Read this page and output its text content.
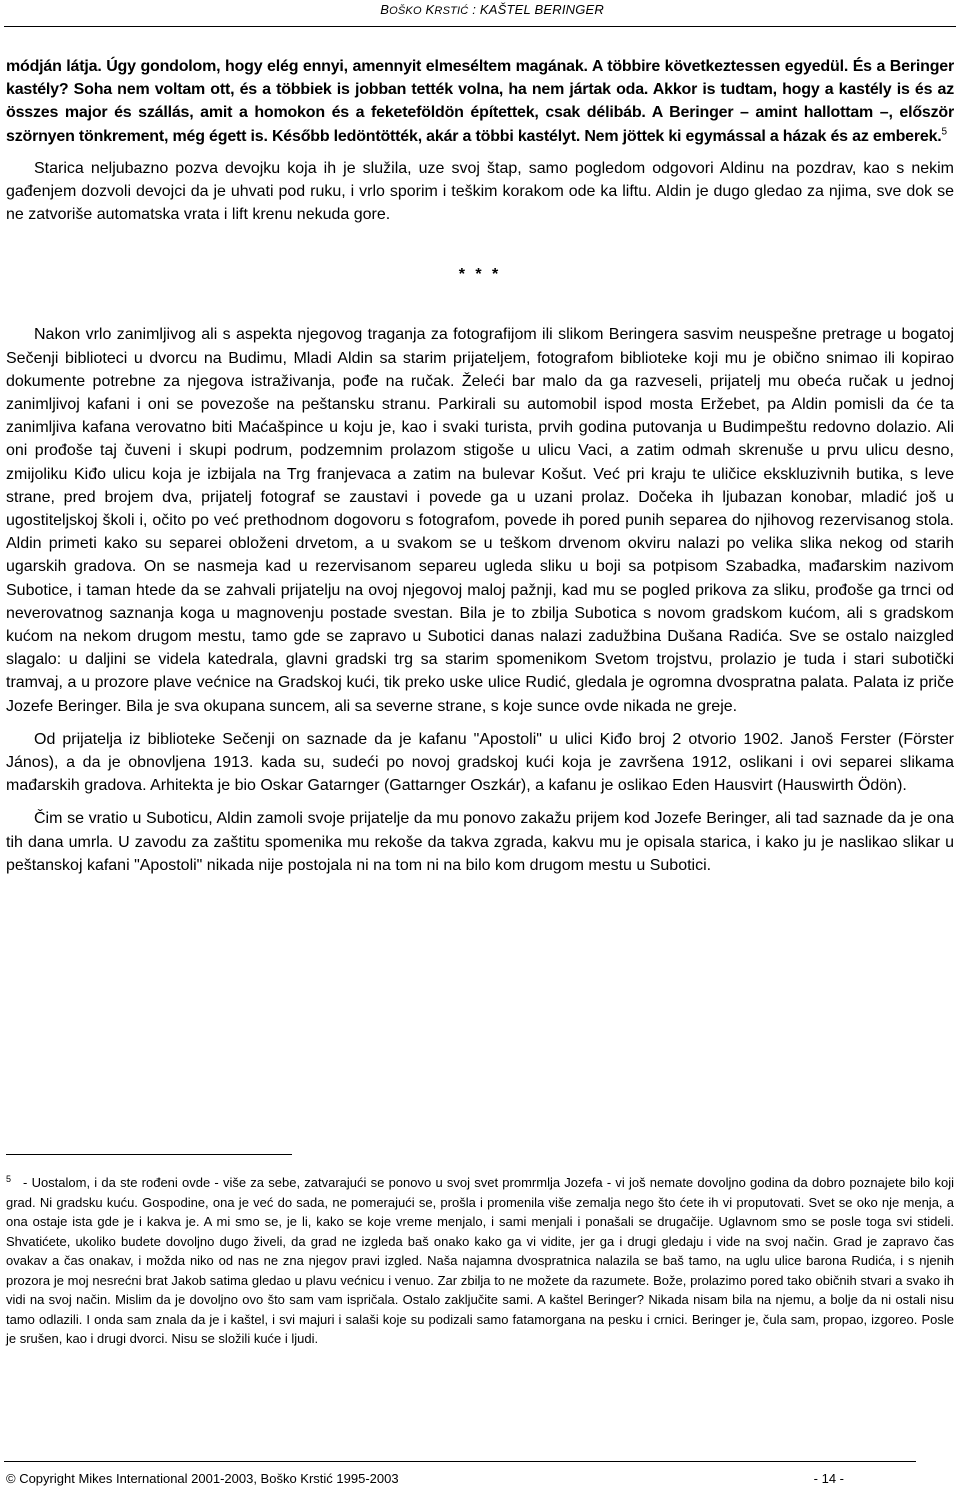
BOŠKO KRSTIĆ : KAŠTEL BERINGER

módján látja. Úgy gondolom, hogy elég ennyi, amennyit elmeséltem magának. A többire következtessen egyedül. És a Beringer kastély? Soha nem voltam ott, és a többiek is jobban tették volna, ha nem jártak oda. Akkor is tudtam, hogy a kastély is és az összes major és szállás, amit a homokon és a feketeföldön építettek, csak délibáb. A Beringer – amint hallottam –, először szörnyen tönkrement, még égett is. Később ledöntötték, akár a többi kastélyt. Nem jöttek ki egymással a házak és az emberek.$^5$

Starica neljubazno pozva devojku koja ih je služila, uze svoj štap, samo pogledom odgovori Aldinu na pozdrav, kao s nekim gađenjem dozvoli devojci da je uhvati pod ruku, i vrlo sporim i teškim korakom ode ka liftu. Aldin je dugo gledao za njima, sve dok se ne zatvoriše automatska vrata i lift krenu nekuda gore.

* * *

Nakon vrlo zanimljivog ali s aspekta njegovog traganja za fotografijom ili slikom Beringera sasvim neuspešne pretrage u bogatoj Sečenji biblioteci u dvorcu na Budimu, Mladi Aldin sa starim prijateljem, fotografom biblioteke koji mu je obično snimao ili kopirao dokumente potrebne za njegova istraživanja, pođe na ručak. Želeći bar malo da ga razveseli, prijatelj mu obeća ručak u jednoj zanimljivoj kafani i oni se povezoše na peštansku stranu. Parkirali su automobil ispod mosta Eržebet, pa Aldin pomisli da će ta zanimljiva kafana verovatno biti Maćašpince u koju je, kao i svaki turista, prvih godina putovanja u Budimpeštu redovno dolazio. Ali oni prođoše taj čuveni i skupi podrum, podzemnim prolazom stigoše u ulicu Vaci, a zatim odmah skrenuše u prvu ulicu desno, zmijoliku Kiđo ulicu koja je izbijala na Trg franjevaca a zatim na bulevar Košut. Već pri kraju te uličice ekskluzivnih butika, s leve strane, pred brojem dva, prijatelj fotograf se zaustavi i povede ga u uzani prolaz. Dočeka ih ljubazan konobar, mladić još u ugostiteljskoj školi i, očito po već prethodnom dogovoru s fotografom, povede ih pored punih separea do njihovog rezervisanog stola. Aldin primeti kako su separei obloženi drvetom, a u svakom se u teškom drvenom okviru nalazi po velika slika nekog od starih ugarskih gradova. On se nasmeja kad u rezervisanom separeu ugleda sliku u boji sa potpisom Szabadka, mađarskim nazivom Subotice, i taman htede da se zahvali prijatelju na ovoj njegovoj maloj pažnji, kad mu se pogled prikova za sliku, prođoše ga trnci od neverovatnog saznanja koga u magnovenju postade svestan. Bila je to zbilja Subotica s novom gradskom kućom, ali s gradskom kućom na nekom drugom mestu, tamo gde se zapravo u Subotici danas nalazi zadužbina Dušana Radića. Sve se ostalo naizgled slagalo: u daljini se videla katedrala, glavni gradski trg sa starim spomenikom Svetom trojstvu, prolazio je tuda i stari subotički tramvaj, a u prozore plave većnice na Gradskoj kući, tik preko uske ulice Rudić, gledala je ogromna dvospratna palata. Palata iz priče Jozefe Beringer. Bila je sva okupana suncem, ali sa severne strane, s koje sunce ovde nikada ne greje.

Od prijatelja iz biblioteke Sečenji on saznade da je kafanu "Apostoli" u ulici Kiđo broj 2 otvorio 1902. Janoš Ferster (Förster János), a da je obnovljena 1913. kada su, sudeći po novoj gradskoj kući koja je završena 1912, oslikani i ovi separei slikama mađarskih gradova. Arhitekta je bio Oskar Gatarnger (Gattarnger Oszkár), a kafanu je oslikao Eden Hausvirt (Hauswirth Ödön).

Čim se vratio u Suboticu, Aldin zamoli svoje prijatelje da mu ponovo zakažu prijem kod Jozefe Beringer, ali tad saznade da je ona tih dana umrla. U zavodu za zaštitu spomenika mu rekoše da takva zgrada, kakvu mu je opisala starica, i kako ju je naslikao slikar u peštanskoj kafani "Apostoli" nikada nije postojala ni na tom ni na bilo kom drugom mestu u Subotici.

$^5$ - Uostalom, i da ste rođeni ovde - više za sebe, zatvarajući se ponovo u svoj svet promrmlja Jozefa - vi još nemate dovoljno godina da dobro poznajete bilo koji grad. Ni gradsku kuću. Gospodine, ona je već do sada, ne pomerajući se, prošla i promenila više zemalja nego što ćete ih vi proputovati. Svet se oko nje menja, a ona ostaje ista gde je i kakva je. A mi smo se, je li, kako se koje vreme menjalo, i sami menjali i ponašali se drugačije. Uglavnom smo se posle toga svi stideli. Shvatićete, ukoliko budete dovoljno dugo živeli, da grad ne izgleda baš onako kako ga vi vidite, jer ga i drugi gledaju i vide na svoj način. Grad je zapravo čas ovakav a čas onakav, i možda niko od nas ne zna njegov pravi izgled. Naša najamna dvospratnica nalazila se baš tamo, na uglu ulice barona Rudića, i s njenih prozora je moj nesrećni brat Jakob satima gledao u plavu većnicu i venuo. Zar zbilja to ne možete da razumete. Bože, prolazimo pored tako običnih stvari a svako ih vidi na svoj način. Mislim da je dovoljno ovo što sam vam ispričala. Ostalo zaključite sami. A kaštel Beringer? Nikada nisam bila na njemu, a bolje da ni ostali nisu tamo odlazili. I onda sam znala da je i kaštel, i svi majuri i salaši koje su podizali samo fatamorgana na pesku i crnici. Beringer je, čula sam, propao, izgoreo. Posle je srušen, kao i drugi dvorci. Nisu se složili kuće i ljudi.
© Copyright Mikes International 2001-2003, Boško Krstić 1995-2003	- 14 -
